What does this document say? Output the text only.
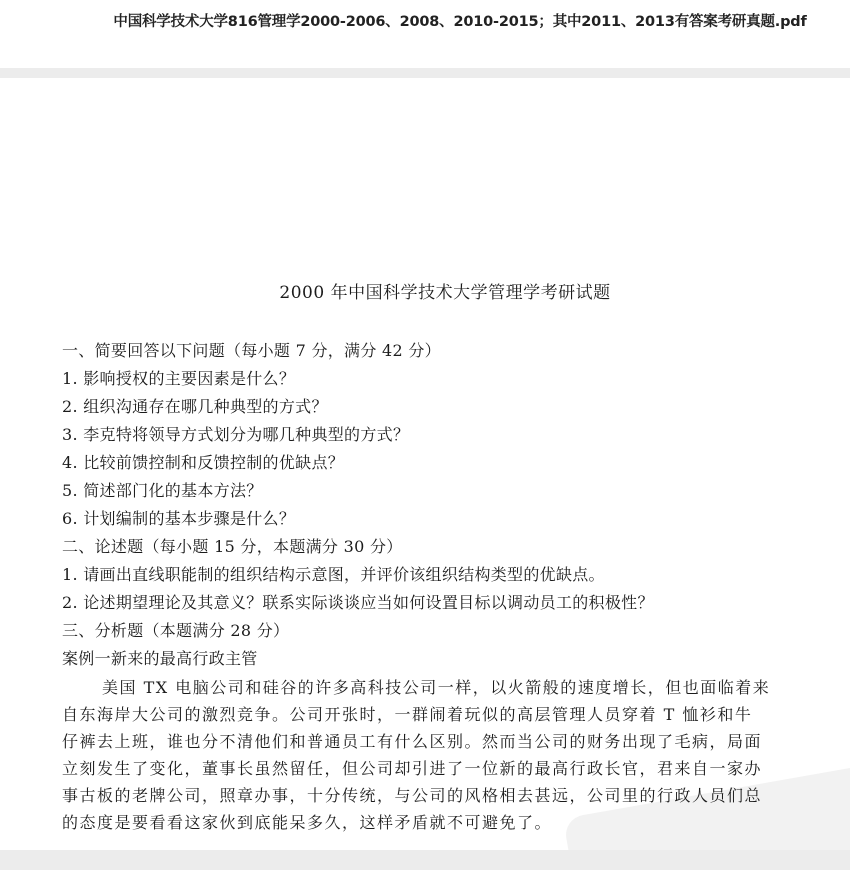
中国科学技术大学816管理学2000-2006、2008、2010-2015；其中2011、2013有答案考研真题.pdf
2000 年中国科学技术大学管理学考研试题
一、简要回答以下问题（每小题 7 分，满分 42 分）
1. 影响授权的主要因素是什么？
2. 组织沟通存在哪几种典型的方式？
3. 李克特将领导方式划分为哪几种典型的方式？
4. 比较前馈控制和反馈控制的优缺点？
5. 简述部门化的基本方法？
6. 计划编制的基本步骤是什么？
二、论述题（每小题 15 分，本题满分 30 分）
1. 请画出直线职能制的组织结构示意图，并评价该组织结构类型的优缺点。
2. 论述期望理论及其意义？联系实际谈谈应当如何设置目标以调动员工的积极性？
三、分析题（本题满分 28 分）
案例一新来的最高行政主管
美国 TX 电脑公司和硅谷的许多高科技公司一样，以火箭般的速度增长，但也面临着来
自东海岸大公司的激烈竞争。公司开张时，一群闹着玩似的高层管理人员穿着 T 恤衫和牛
仔裤去上班，谁也分不清他们和普通员工有什么区别。然而当公司的财务出现了毛病，局面
立刻发生了变化，董事长虽然留任，但公司却引进了一位新的最高行政长官，君来自一家办
事古板的老牌公司，照章办事，十分传统，与公司的风格相去甚远，公司里的行政人员们总
的态度是要看看这家伙到底能呆多久，这样矛盾就不可避免了。
